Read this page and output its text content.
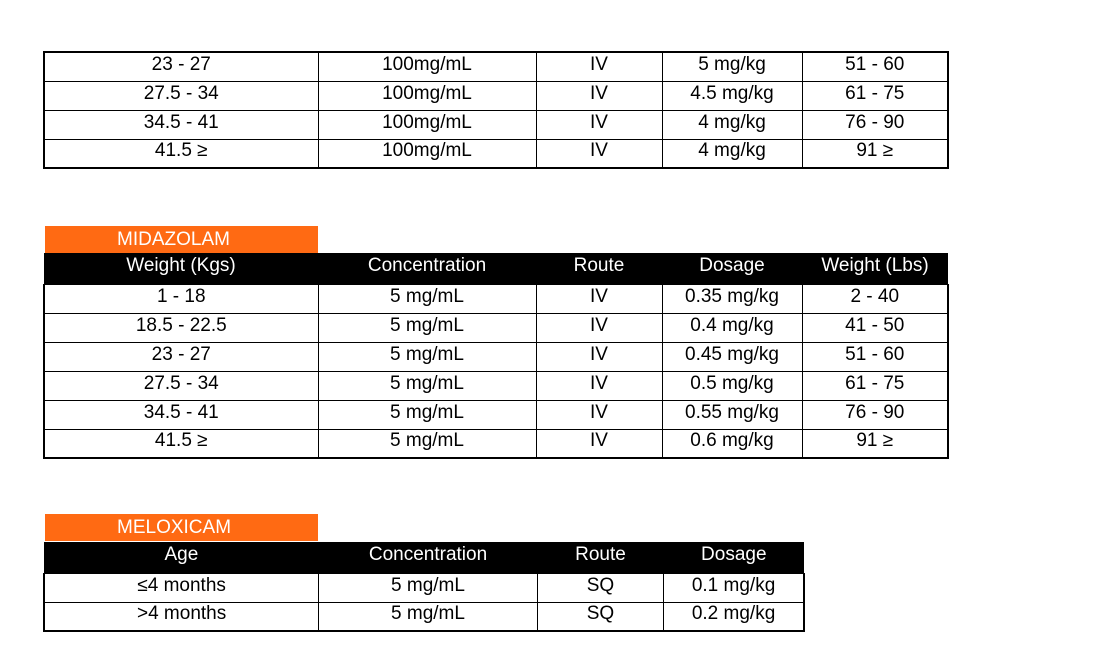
23 - 27	100mg/mL	IV	5 mg/kg	51 - 60
27.5 - 34	100mg/mL	IV	4.5 mg/kg	61 - 75
34.5 - 41	100mg/mL	IV	4 mg/kg	76 - 90
41.5 ≥	100mg/mL	IV	4 mg/kg	91 ≥
MIDAZOLAM
Weight (Kgs)	Concentration	Route	Dosage	Weight (Lbs)
1 - 18	5 mg/mL	IV	0.35 mg/kg	2 - 40
18.5 - 22.5	5 mg/mL	IV	0.4 mg/kg	41 - 50
23 - 27	5 mg/mL	IV	0.45 mg/kg	51 - 60
27.5 - 34	5 mg/mL	IV	0.5 mg/kg	61 - 75
34.5 - 41	5 mg/mL	IV	0.55 mg/kg	76 - 90
41.5 ≥	5 mg/mL	IV	0.6 mg/kg	91 ≥
MELOXICAM
Age	Concentration	Route	Dosage
≤4 months	5 mg/mL	SQ	0.1 mg/kg
>4 months	5 mg/mL	SQ	0.2 mg/kg
